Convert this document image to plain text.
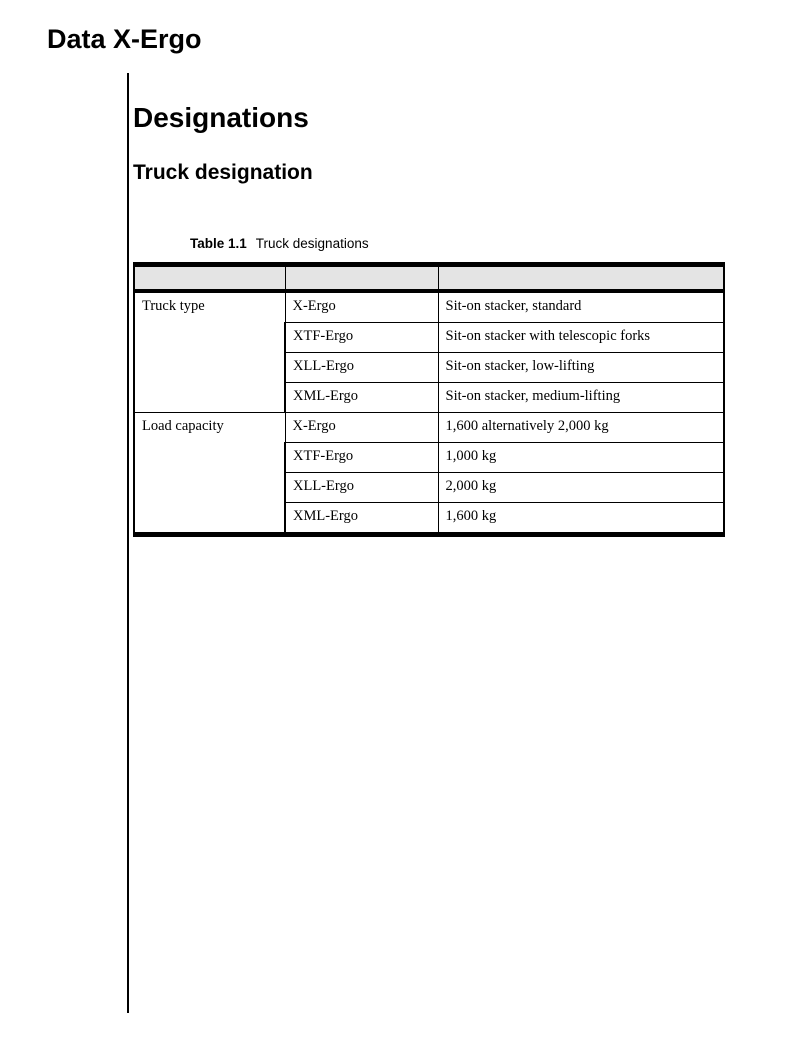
Data X-Ergo
Designations
Truck designation
Table 1.1 Truck designations

Truck type	X-Ergo	Sit-on stacker, standard
	XTF-Ergo	Sit-on stacker with telescopic forks
	XLL-Ergo	Sit-on stacker, low-lifting
	XML-Ergo	Sit-on stacker, medium-lifting
Load capacity	X-Ergo	1,600 alternatively 2,000 kg
	XTF-Ergo	1,000 kg
	XLL-Ergo	2,000 kg
	XML-Ergo	1,600 kg
